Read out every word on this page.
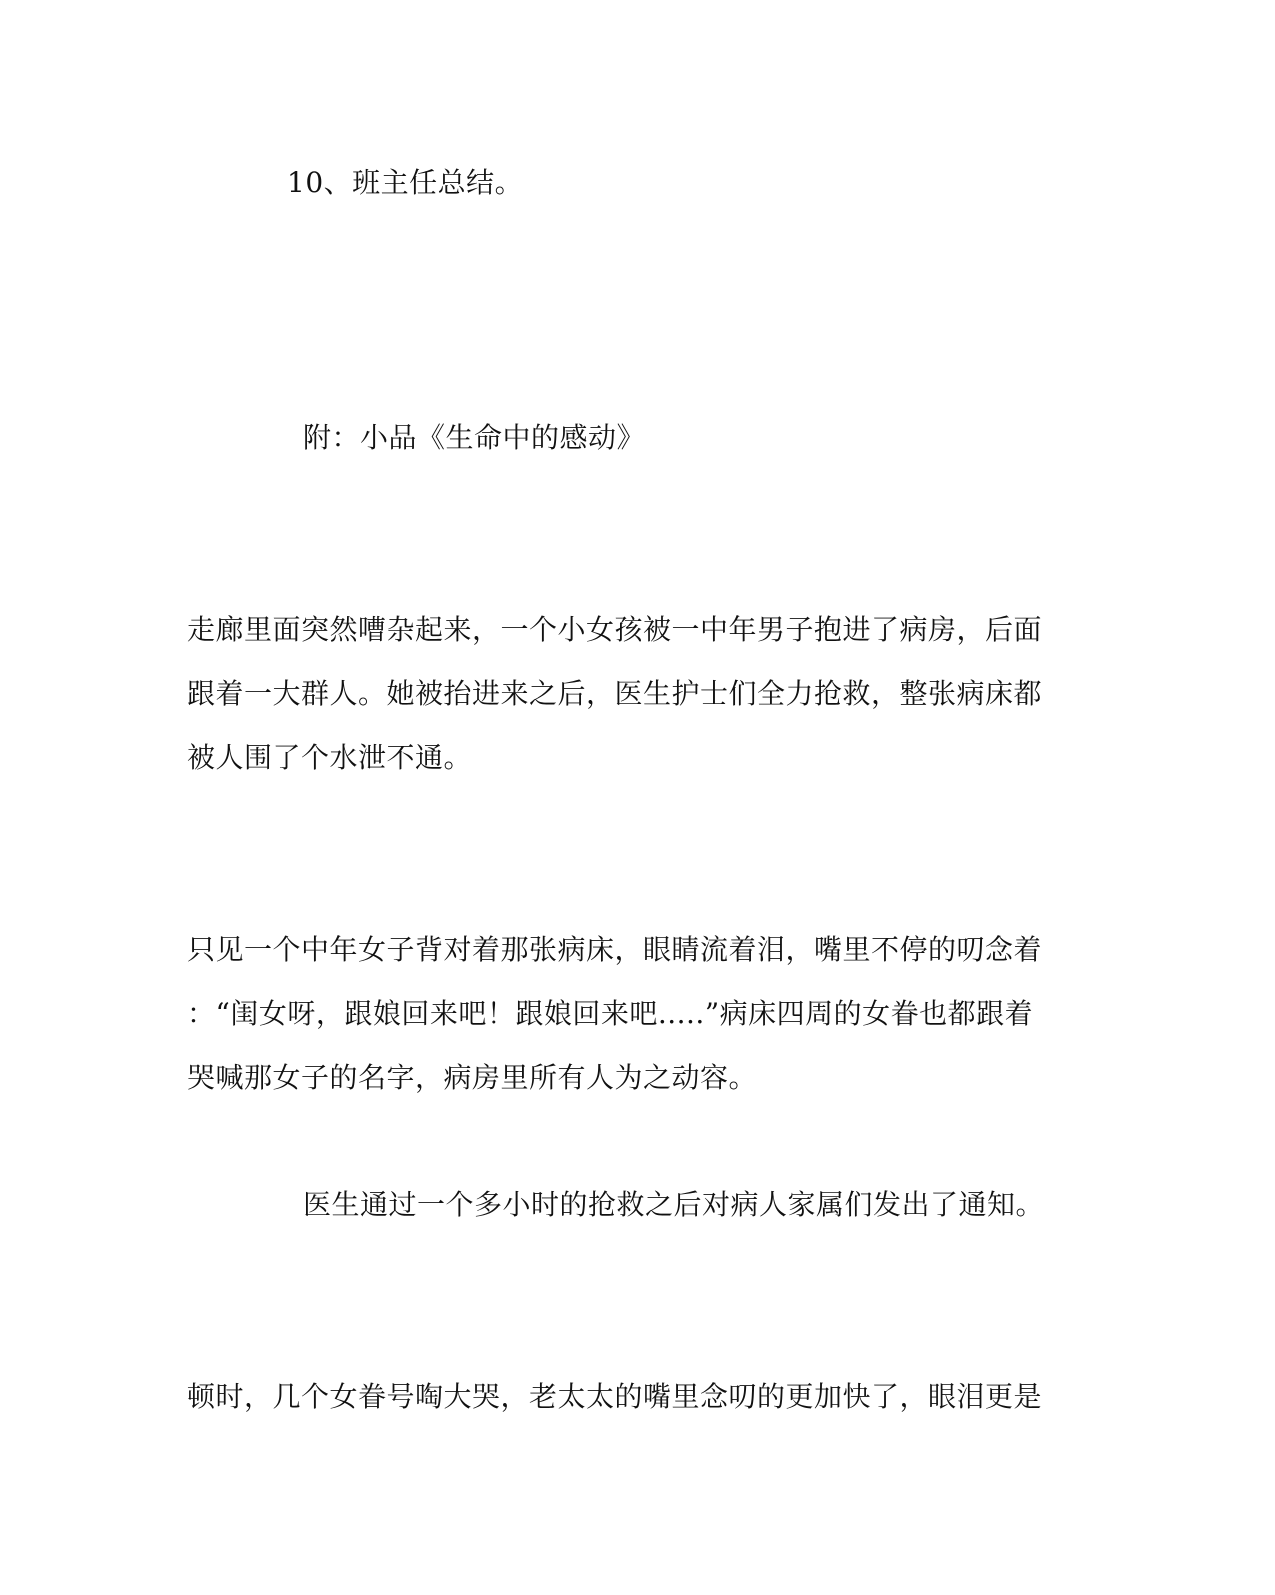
10、班主任总结。

附：小品《生命中的感动》

走廊里面突然嘈杂起来，一个小女孩被一中年男子抱进了病房，后面

跟着一大群人。她被抬进来之后，医生护士们全力抢救，整张病床都

被人围了个水泄不通。

只见一个中年女子背对着那张病床，眼睛流着泪，嘴里不停的叨念着

：“闺女呀，跟娘回来吧！跟娘回来吧.....”病床四周的女眷也都跟着

哭喊那女子的名字，病房里所有人为之动容。

医生通过一个多小时的抢救之后对病人家属们发出了通知。

顿时，几个女眷号啕大哭，老太太的嘴里念叨的更加快了，眼泪更是
